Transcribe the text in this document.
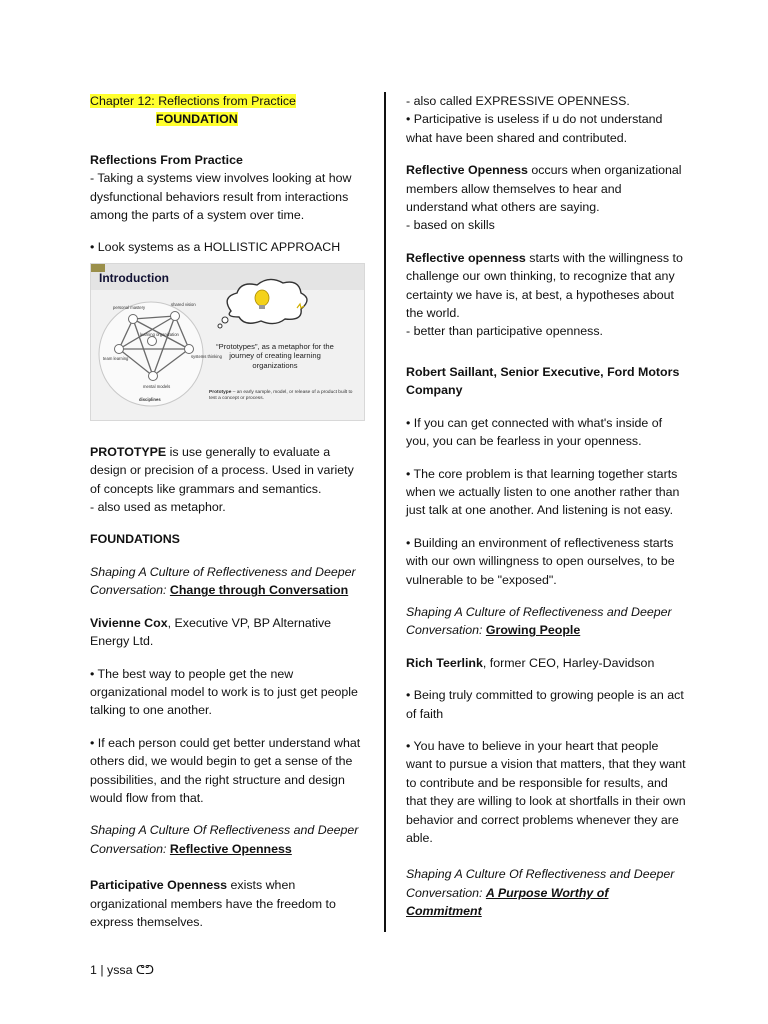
Chapter 12: Reflections from Practice
FOUNDATION

Reflections From Practice
- Taking a systems view involves looking at how dysfunctional behaviors result from interactions among the parts of a system over time.

• Look systems as a HOLLISTIC APPROACH

Introduction
personal mastery
shared vision
team learning
learning organization
systems thinking
mental models
disciplines
“Prototypes”, as a metaphor for the journey of creating learning organizations
Prototype – an early sample, model, or release of a product built to test a concept or process.

PROTOTYPE is use generally to evaluate a design or precision of a process. Used in variety of concepts like grammars and semantics.
- also used as metaphor.

FOUNDATIONS

Shaping A Culture of Reflectiveness and Deeper Conversation: Change through Conversation

Vivienne Cox, Executive VP, BP Alternative Energy Ltd.

• The best way to people get the new organizational model to work is to just get people talking to one another.

• If each person could get better understand what others did, we would begin to get a sense of the possibilities, and the right structure and design would flow from that.

Shaping A Culture Of Reflectiveness and Deeper Conversation: Reflective Openness

Participative Openness exists when organizational members have the freedom to express themselves.

- also called EXPRESSIVE OPENNESS.
• Participative is useless if u do not understand what have been shared and contributed.

Reflective Openness occurs when organizational members allow themselves to hear and understand what others are saying.
- based on skills

Reflective openness starts with the willingness to challenge our own thinking, to recognize that any certainty we have is, at best, a hypotheses about the world.
- better than participative openness.

Robert Saillant, Senior Executive, Ford Motors Company

• If you can get connected with what's inside of you, you can be fearless in your openness.

• The core problem is that learning together starts when we actually listen to one another rather than just talk at one another. And listening is not easy.

• Building an environment of reflectiveness starts with our own willingness to open ourselves, to be vulnerable to be "exposed".

Shaping A Culture of Reflectiveness and Deeper Conversation: Growing People

Rich Teerlink, former CEO, Harley-Davidson

• Being truly committed to growing people is an act of faith

• You have to believe in your heart that people want to pursue a vision that matters, that they want to contribute and be responsible for results, and that they are willing to look at shortfalls in their own behavior and correct problems whenever they are able.

Shaping A Culture Of Reflectiveness and Deeper Conversation: A Purpose Worthy of Commitment

1 | yssa ᕦᕤ
